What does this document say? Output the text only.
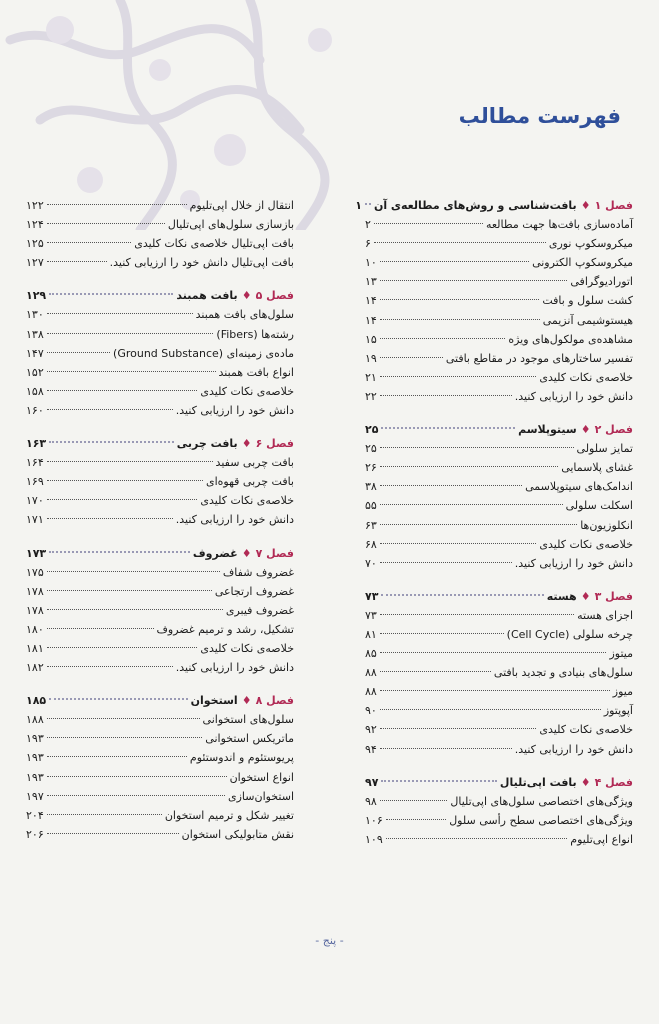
فهرست مطالب
فصل ۱♦بافت‌شناسی و روش‌های مطالعه‌ی آن
۱
آماده‌سازی بافت‌ها جهت مطالعه
۲
میکروسکوپ نوری
۶
میکروسکوپ الکترونی
۱۰
اتورادیوگرافی
۱۳
کشت سلول و بافت
۱۴
هیستوشیمی آنزیمی
۱۴
مشاهده‌ی مولکول‌های ویژه
۱۵
تفسیر ساختارهای موجود در مقاطع بافتی
۱۹
خلاصه‌ی نکات کلیدی
۲۱
دانش خود را ارزیابی کنید.
۲۲
فصل ۲♦سیتوپلاسم
۲۵
تمایز سلولی
۲۵
غشای پلاسمایی
۲۶
اندامک‌های سیتوپلاسمی
۳۸
اسکلت سلولی
۵۵
انکلوزیون‌ها
۶۳
خلاصه‌ی نکات کلیدی
۶۸
دانش خود را ارزیابی کنید.
۷۰
فصل ۳♦هسته
۷۳
اجزای هسته
۷۳
چرخه سلولی (Cell Cycle)
۸۱
میتوز
۸۵
سلول‌های بنیادی و تجدید بافتی
۸۸
میوز
۸۸
آپوپتوز
۹۰
خلاصه‌ی نکات کلیدی
۹۲
دانش خود را ارزیابی کنید.
۹۴
فصل ۴♦بافت اپی‌تلیال
۹۷
ویژگی‌های اختصاصی سلول‌های اپی‌تلیال
۹۸
ویژگی‌های اختصاصی سطح رأسی سلول
۱۰۶
انواع اپی‌تلیوم
۱۰۹
انتقال از خلال اپی‌تلیوم
۱۲۲
بازسازی سلول‌های اپی‌تلیال
۱۲۴
بافت اپی‌تلیال خلاصه‌ی نکات کلیدی
۱۲۵
بافت اپی‌تلیال دانش خود را ارزیابی کنید.
۱۲۷
فصل ۵♦بافت همبند
۱۲۹
سلول‌های بافت همبند
۱۳۰
رشته‌ها (Fibers)
۱۳۸
ماده‌ی زمینه‌ای (Ground Substance)
۱۴۷
انواع بافت همبند
۱۵۲
خلاصه‌ی نکات کلیدی
۱۵۸
دانش خود را ارزیابی کنید.
۱۶۰
فصل ۶♦بافت چربی
۱۶۳
بافت چربی سفید
۱۶۴
بافت چربی قهوه‌ای
۱۶۹
خلاصه‌ی نکات کلیدی
۱۷۰
دانش خود را ارزیابی کنید.
۱۷۱
فصل ۷♦غضروف
۱۷۳
غضروف شفاف
۱۷۵
غضروف ارتجاعی
۱۷۸
غضروف فیبری
۱۷۸
تشکیل، رشد و ترمیم غضروف
۱۸۰
خلاصه‌ی نکات کلیدی
۱۸۱
دانش خود را ارزیابی کنید.
۱۸۲
فصل ۸♦استخوان
۱۸۵
سلول‌های استخوانی
۱۸۸
ماتریکس استخوانی
۱۹۳
پریوستئوم و اندوستئوم
۱۹۳
انواع استخوان
۱۹۳
استخوان‌سازی
۱۹۷
تغییر شکل و ترمیم استخوان
۲۰۴
نقش متابولیکی استخوان
۲۰۶
- پنج -
